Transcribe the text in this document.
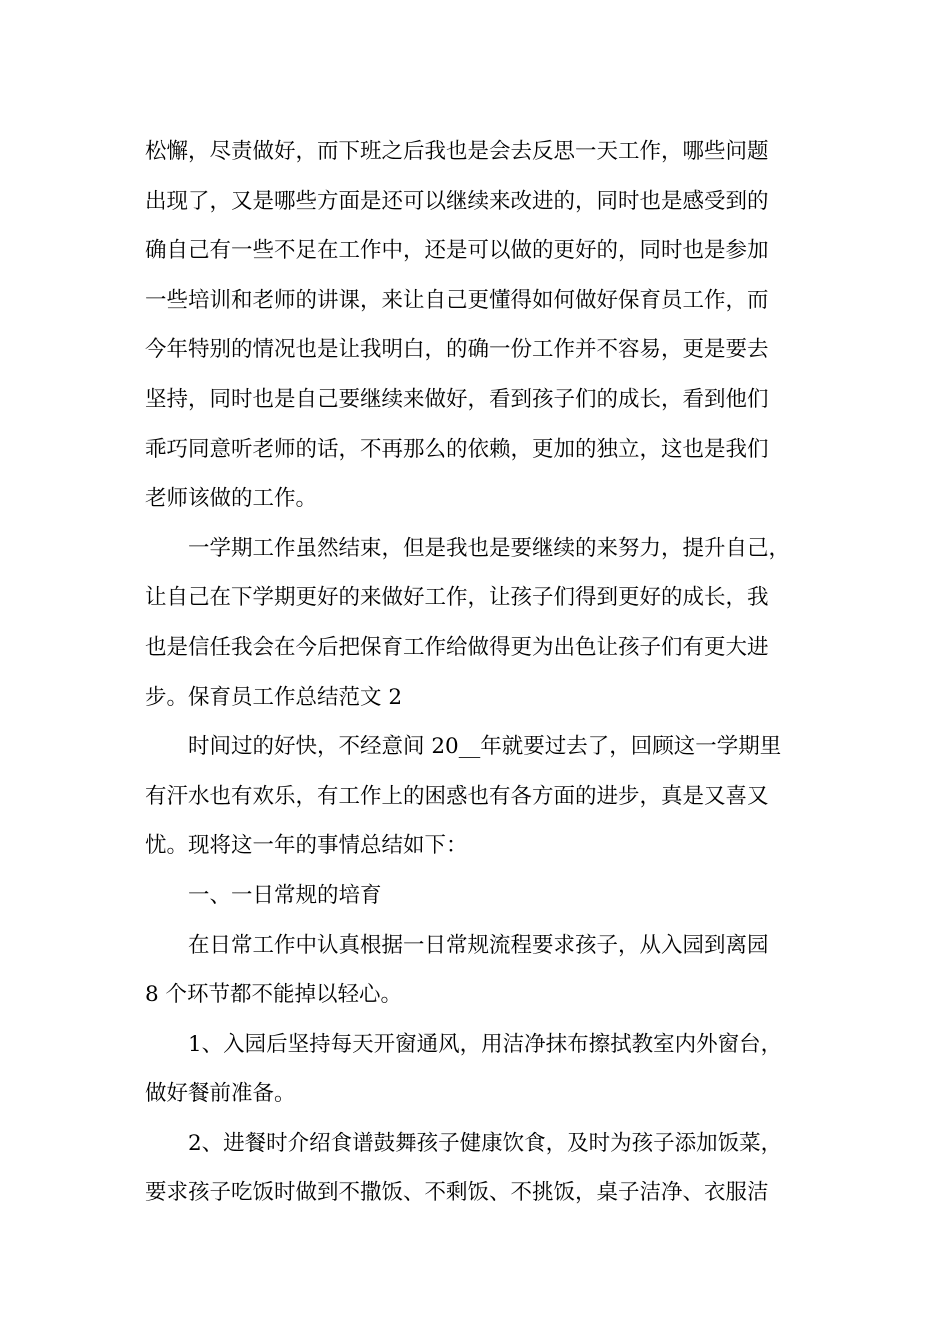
松懈，尽责做好，而下班之后我也是会去反思一天工作，哪些问题
出现了，又是哪些方面是还可以继续来改进的，同时也是感受到的
确自己有一些不足在工作中，还是可以做的更好的，同时也是参加
一些培训和老师的讲课，来让自己更懂得如何做好保育员工作，而
今年特别的情况也是让我明白，的确一份工作并不容易，更是要去
坚持，同时也是自己要继续来做好，看到孩子们的成长，看到他们
乖巧同意听老师的话，不再那么的依赖，更加的独立，这也是我们
老师该做的工作。
一学期工作虽然结束，但是我也是要继续的来努力，提升自己，
让自己在下学期更好的来做好工作，让孩子们得到更好的成长，我
也是信任我会在今后把保育工作给做得更为出色让孩子们有更大进
步。保育员工作总结范文 2
时间过的好快，不经意间 20__年就要过去了，回顾这一学期里
有汗水也有欢乐，有工作上的困惑也有各方面的进步，真是又喜又
忧。现将这一年的事情总结如下：
一、一日常规的培育
在日常工作中认真根据一日常规流程要求孩子，从入园到离园
8 个环节都不能掉以轻心。
1、入园后坚持每天开窗通风，用洁净抹布擦拭教室内外窗台，
做好餐前准备。
2、进餐时介绍食谱鼓舞孩子健康饮食，及时为孩子添加饭菜，
要求孩子吃饭时做到不撒饭、不剩饭、不挑饭，桌子洁净、衣服洁
